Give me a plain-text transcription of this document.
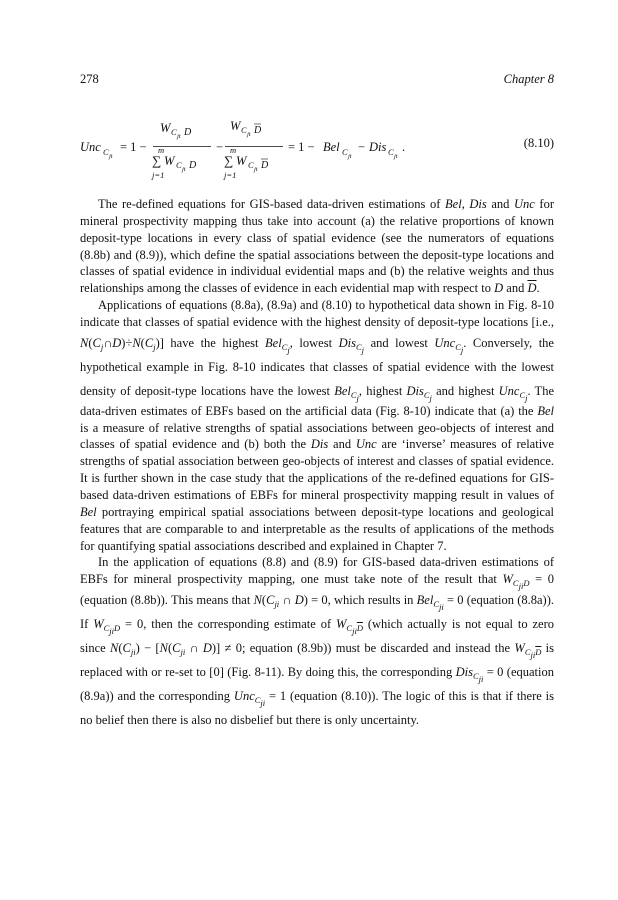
278	Chapter 8
Unc C jt
= 1 −
W C jt D
m
∑ W C jt D
j=1
−
W C jt D
m
∑ W C jt D
j=1
= 1 − Bel C jt
− Dis C jt
.	(8.10)

The re-defined equations for GIS-based data-driven estimations of Bel, Dis and Unc for mineral prospectivity mapping thus take into account (a) the relative proportions of known deposit-type locations in every class of spatial evidence (see the numerators of equations (8.8b) and (8.9)), which define the spatial associations between the deposit-type locations and classes of spatial evidence in individual evidential maps and (b) the relative weights and thus relationships among the classes of evidence in each evidential map with respect to D and $\overline{D}$.

Applications of equations (8.8a), (8.9a) and (8.10) to hypothetical data shown in Fig. 8-10 indicate that classes of spatial evidence with the highest density of deposit-type locations [i.e., $N(C_j\cap D)\div N(C_j)$] have the highest Bel$_{C_j}$, lowest Dis$_{C_j}$ and lowest Unc$_{C_j}$. Conversely, the hypothetical example in Fig. 8-10 indicates that classes of spatial evidence with the lowest density of deposit-type locations have the lowest Bel$_{C_j}$, highest Dis$_{C_j}$ and highest Unc$_{C_j}$. The data-driven estimates of EBFs based on the artificial data (Fig. 8-10) indicate that (a) the Bel is a measure of relative strengths of spatial associations between geo-objects of interest and classes of spatial evidence and (b) both the Dis and Unc are ‘inverse’ measures of relative strengths of spatial association between geo-objects of interest and classes of spatial evidence. It is further shown in the case study that the applications of the re-defined equations for GIS-based data-driven estimations of EBFs for mineral prospectivity mapping result in values of Bel portraying empirical spatial associations between deposit-type locations and geological features that are comparable to and interpretable as the results of applications of the methods for quantifying spatial associations described and explained in Chapter 7.

In the application of equations (8.8) and (8.9) for GIS-based data-driven estimations of EBFs for mineral prospectivity mapping, one must take note of the result that $W_{C_{ji}D} = 0$ (equation (8.8b)). This means that $N(C_{ji}$ ∩ D) = 0, which results in Bel$_{C_{ji}}$ = 0 (equation (8.8a)). If $W_{C_{ji}D} = 0$, then the corresponding estimate of $W_{C_{ji}\overline{D}}$ (which actually is not equal to zero since $N(C_{ji}) - [N(C_{ji}$ ∩ D)] ≠ 0; equation (8.9b)) must be discarded and instead the $W_{C_{ji}\overline{D}}$ is replaced with or re-set to [0] (Fig. 8-11). By doing this, the corresponding Dis$_{C_{ji}}$ = 0 (equation (8.9a)) and the corresponding Unc$_{C_{ji}}$ = 1 (equation (8.10)). The logic of this is that if there is no belief then there is also no disbelief but there is only uncertainty.
